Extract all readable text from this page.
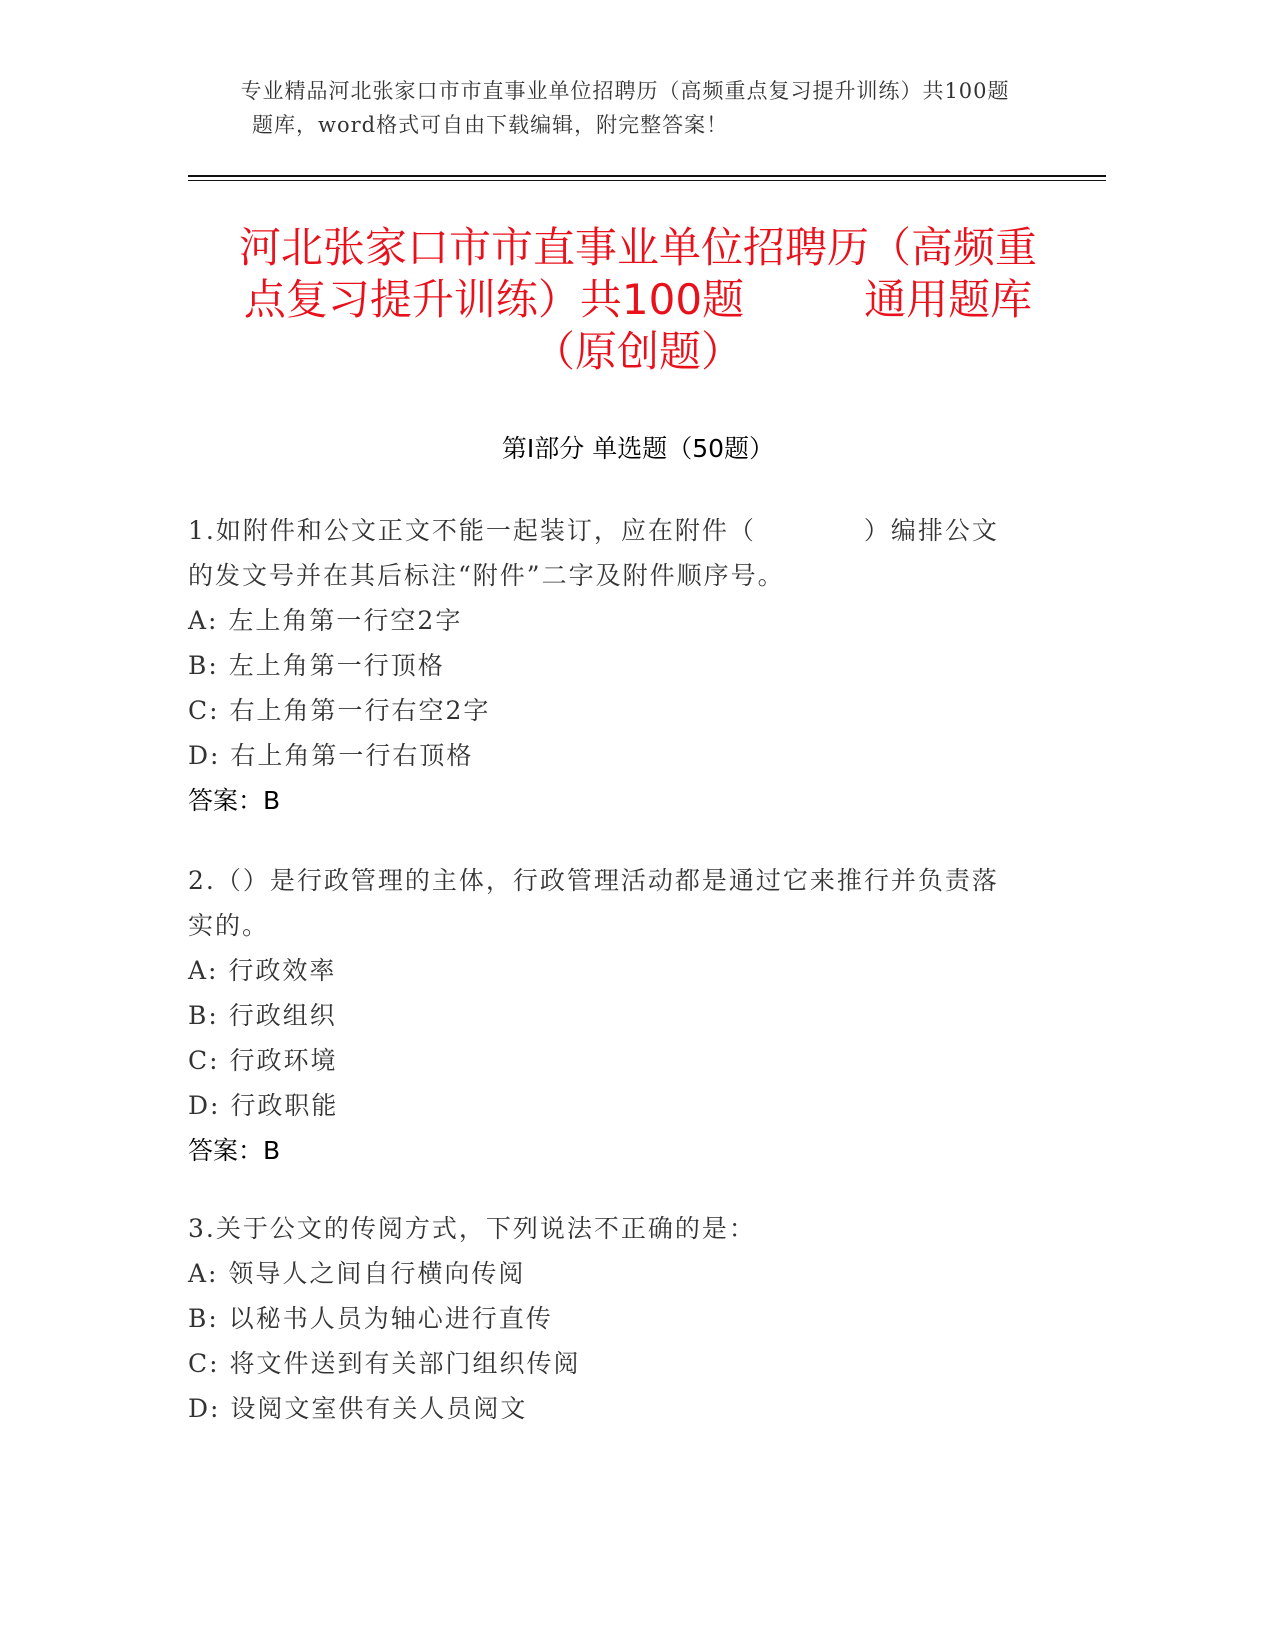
专业精品河北张家口市市直事业单位招聘历（高频重点复习提升训练）共100题
题库，word格式可自由下载编辑，附完整答案！
河北张家口市市直事业单位招聘历（高频重
点复习提升训练）共100题	通用题库
（原创题）
第Ⅰ部分 单选题（50题）
1.如附件和公文正文不能一起装订，应在附件（　　　　）编排公文
的发文号并在其后标注“附件”二字及附件顺序号。
A: 左上角第一行空2字
B: 左上角第一行顶格
C: 右上角第一行右空2字
D: 右上角第一行右顶格
答案：B
2.（）是行政管理的主体，行政管理活动都是通过它来推行并负责落
实的。
A: 行政效率
B: 行政组织
C: 行政环境
D: 行政职能
答案：B
3.关于公文的传阅方式，下列说法不正确的是：
A: 领导人之间自行横向传阅
B: 以秘书人员为轴心进行直传
C: 将文件送到有关部门组织传阅
D: 设阅文室供有关人员阅文
